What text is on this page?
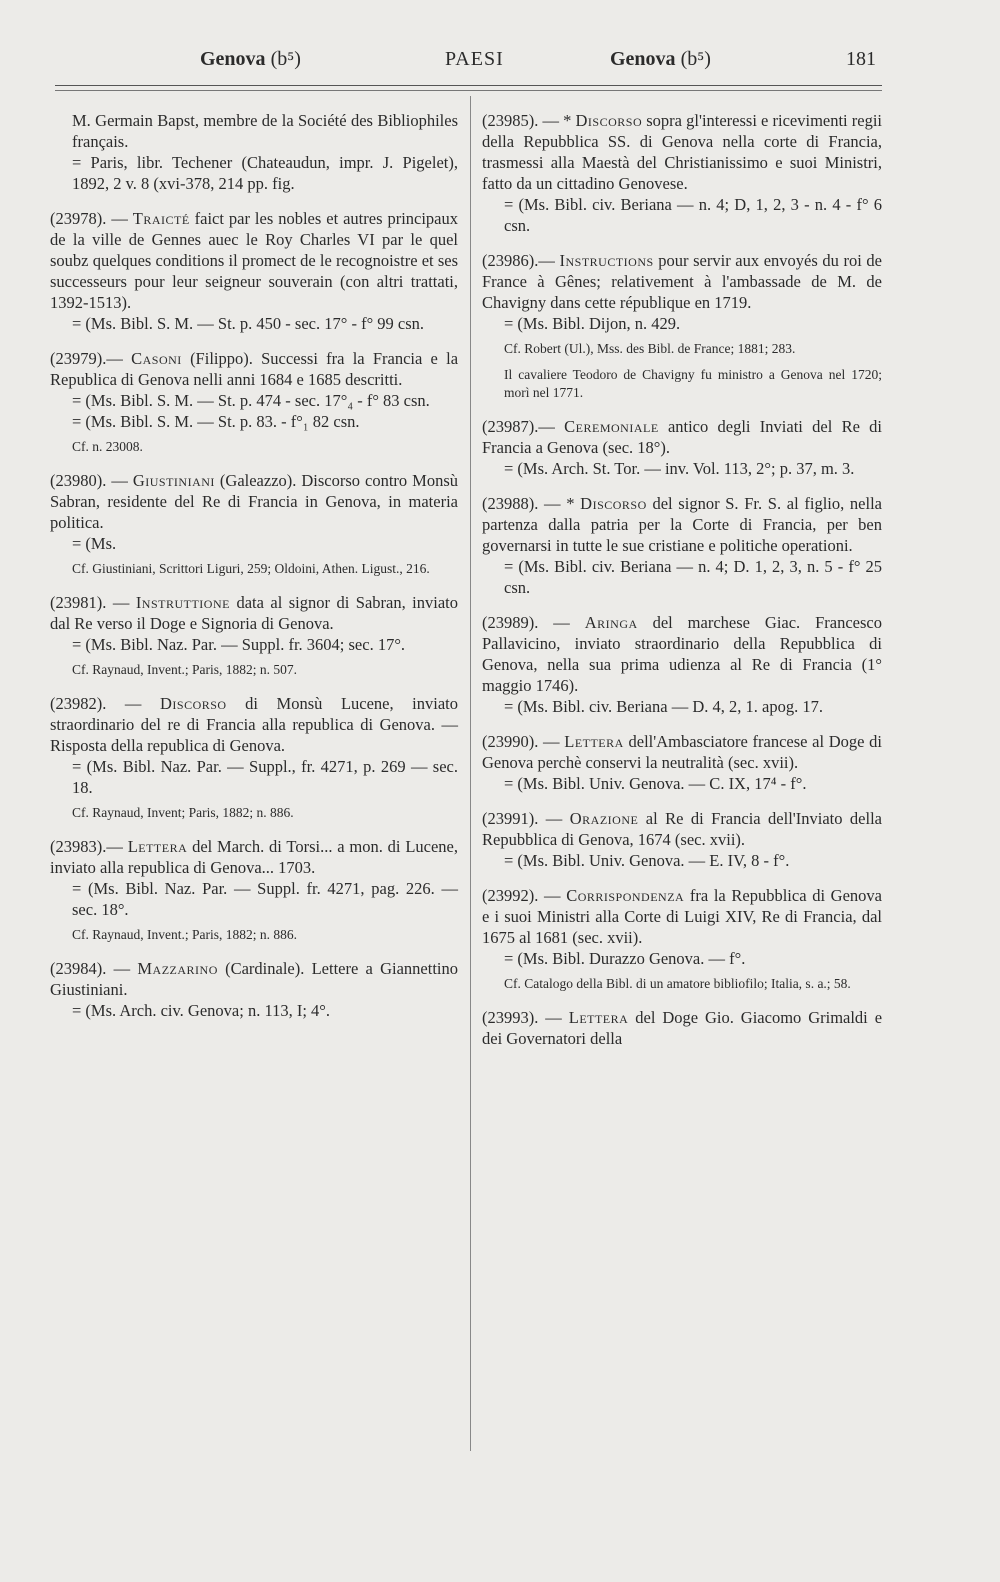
Genova (b⁵)	PAESI	Genova (b⁵)	181

M. Germain Bapst, membre de la Société des Bibliophiles français.

= Paris, libr. Techener (Chateaudun, impr. J. Pigelet), 1892, 2 v. 8 (xvi-378, 214 pp. fig.

(23978). — Traicté faict par les nobles et autres principaux de la ville de Gennes auec le Roy Charles VI par le quel soubz quelques conditions il promect de le recognoistre et ses successeurs pour leur seigneur souverain (con altri trattati, 1392-1513).

= (Ms. Bibl. S. M. — St. p. 450 - sec. 17° - f° 99 csn.

(23979).— Casoni (Filippo). Successi fra la Francia e la Republica di Genova nelli anni 1684 e 1685 descritti.

= (Ms. Bibl. S. M. — St. p. 474 - sec. 17°₄ - f° 83 csn.

= (Ms. Bibl. S. M. — St. p. 83. - f°₁ 82 csn.

Cf. n. 23008.

(23980). — Giustiniani (Galeazzo). Discorso contro Monsù Sabran, residente del Re di Francia in Genova, in materia politica.

= (Ms.

Cf. Giustiniani, Scrittori Liguri, 259; Oldoini, Athen. Ligust., 216.

(23981). — Instruttione data al signor di Sabran, inviato dal Re verso il Doge e Signoria di Genova.

= (Ms. Bibl. Naz. Par. — Suppl. fr. 3604; sec. 17°.

Cf. Raynaud, Invent.; Paris, 1882; n. 507.

(23982). — Discorso di Monsù Lucene, inviato straordinario del re di Francia alla republica di Genova. — Risposta della republica di Genova.

= (Ms. Bibl. Naz. Par. — Suppl., fr. 4271, p. 269 — sec. 18.

Cf. Raynaud, Invent; Paris, 1882; n. 886.

(23983).— Lettera del March. di Torsi... a mon. di Lucene, inviato alla republica di Genova... 1703.

= (Ms. Bibl. Naz. Par. — Suppl. fr. 4271, pag. 226. — sec. 18°.

Cf. Raynaud, Invent.; Paris, 1882; n. 886.

(23984). — Mazzarino (Cardinale). Lettere a Giannettino Giustiniani.

= (Ms. Arch. civ. Genova; n. 113, I; 4°.

(23985). — * Discorso sopra gl'interessi e ricevimenti regii della Repubblica SS. di Genova nella corte di Francia, trasmessi alla Maestà del Christianissimo e suoi Ministri, fatto da un cittadino Genovese.

= (Ms. Bibl. civ. Beriana — n. 4; D, 1, 2, 3 - n. 4 - f° 6 csn.

(23986).— Instructions pour servir aux envoyés du roi de France à Gênes; relativement à l'ambassade de M. de Chavigny dans cette république en 1719.

= (Ms. Bibl. Dijon, n. 429.

Cf. Robert (Ul.), Mss. des Bibl. de France; 1881; 283.

Il cavaliere Teodoro de Chavigny fu ministro a Genova nel 1720; morì nel 1771.

(23987).— Ceremoniale antico degli Inviati del Re di Francia a Genova (sec. 18°).

= (Ms. Arch. St. Tor. — inv. Vol. 113, 2°; p. 37, m. 3.

(23988). — * Discorso del signor S. Fr. S. al figlio, nella partenza dalla patria per la Corte di Francia, per ben governarsi in tutte le sue cristiane e politiche operationi.

= (Ms. Bibl. civ. Beriana — n. 4; D. 1, 2, 3, n. 5 - f° 25 csn.

(23989). — Aringa del marchese Giac. Francesco Pallavicino, inviato straordinario della Repubblica di Genova, nella sua prima udienza al Re di Francia (1° maggio 1746).

= (Ms. Bibl. civ. Beriana — D. 4, 2, 1. apog. 17.

(23990). — Lettera dell'Ambasciatore francese al Doge di Genova perchè conservi la neutralità (sec. xvii).

= (Ms. Bibl. Univ. Genova. — C. IX, 17⁴ - f°.

(23991). — Orazione al Re di Francia dell'Inviato della Repubblica di Genova, 1674 (sec. xvii).

= (Ms. Bibl. Univ. Genova. — E. IV, 8 - f°.

(23992). — Corrispondenza fra la Repubblica di Genova e i suoi Ministri alla Corte di Luigi XIV, Re di Francia, dal 1675 al 1681 (sec. xvii).

= (Ms. Bibl. Durazzo Genova. — f°.

Cf. Catalogo della Bibl. di un amatore bibliofilo; Italia, s. a.; 58.

(23993). — Lettera del Doge Gio. Giacomo Grimaldi e dei Governatori della
